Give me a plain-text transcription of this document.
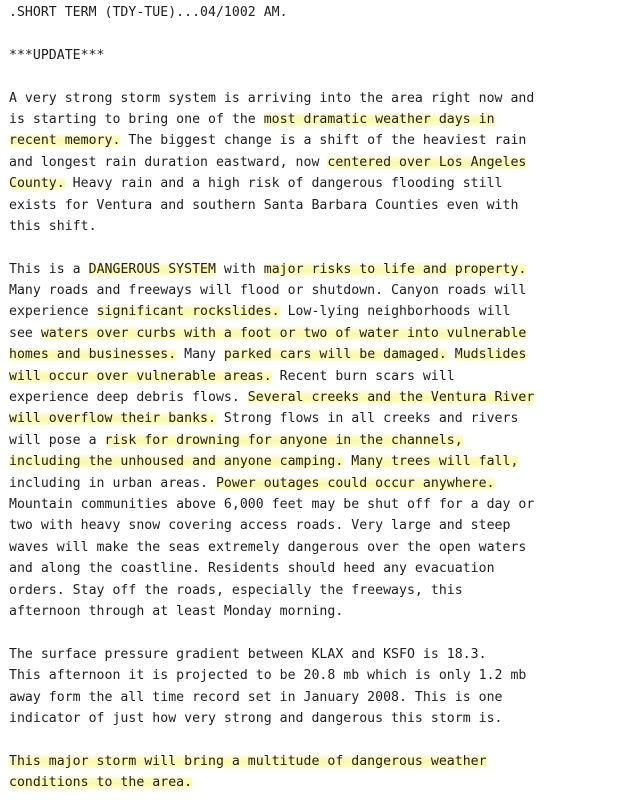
.SHORT TERM (TDY-TUE)...04/1002 AM.
***UPDATE***
A very strong storm system is arriving into the area right now and
is starting to bring one of the most dramatic weather days in
recent memory. The biggest change is a shift of the heaviest rain
and longest rain duration eastward, now centered over Los Angeles
County. Heavy rain and a high risk of dangerous flooding still
exists for Ventura and southern Santa Barbara Counties even with
this shift.
This is a DANGEROUS SYSTEM with major risks to life and property.
Many roads and freeways will flood or shutdown. Canyon roads will
experience significant rockslides. Low-lying neighborhoods will
see waters over curbs with a foot or two of water into vulnerable
homes and businesses. Many parked cars will be damaged. Mudslides
will occur over vulnerable areas. Recent burn scars will
experience deep debris flows. Several creeks and the Ventura River
will overflow their banks. Strong flows in all creeks and rivers
will pose a risk for drowning for anyone in the channels,
including the unhoused and anyone camping. Many trees will fall,
including in urban areas. Power outages could occur anywhere.
Mountain communities above 6,000 feet may be shut off for a day or
two with heavy snow covering access roads. Very large and steep
waves will make the seas extremely dangerous over the open waters
and along the coastline. Residents should heed any evacuation
orders. Stay off the roads, especially the freeways, this
afternoon through at least Monday morning.
The surface pressure gradient between KLAX and KSFO is 18.3.
This afternoon it is projected to be 20.8 mb which is only 1.2 mb
away form the all time record set in January 2008. This is one
indicator of just how very strong and dangerous this storm is.
This major storm will bring a multitude of dangerous weather
conditions to the area.
